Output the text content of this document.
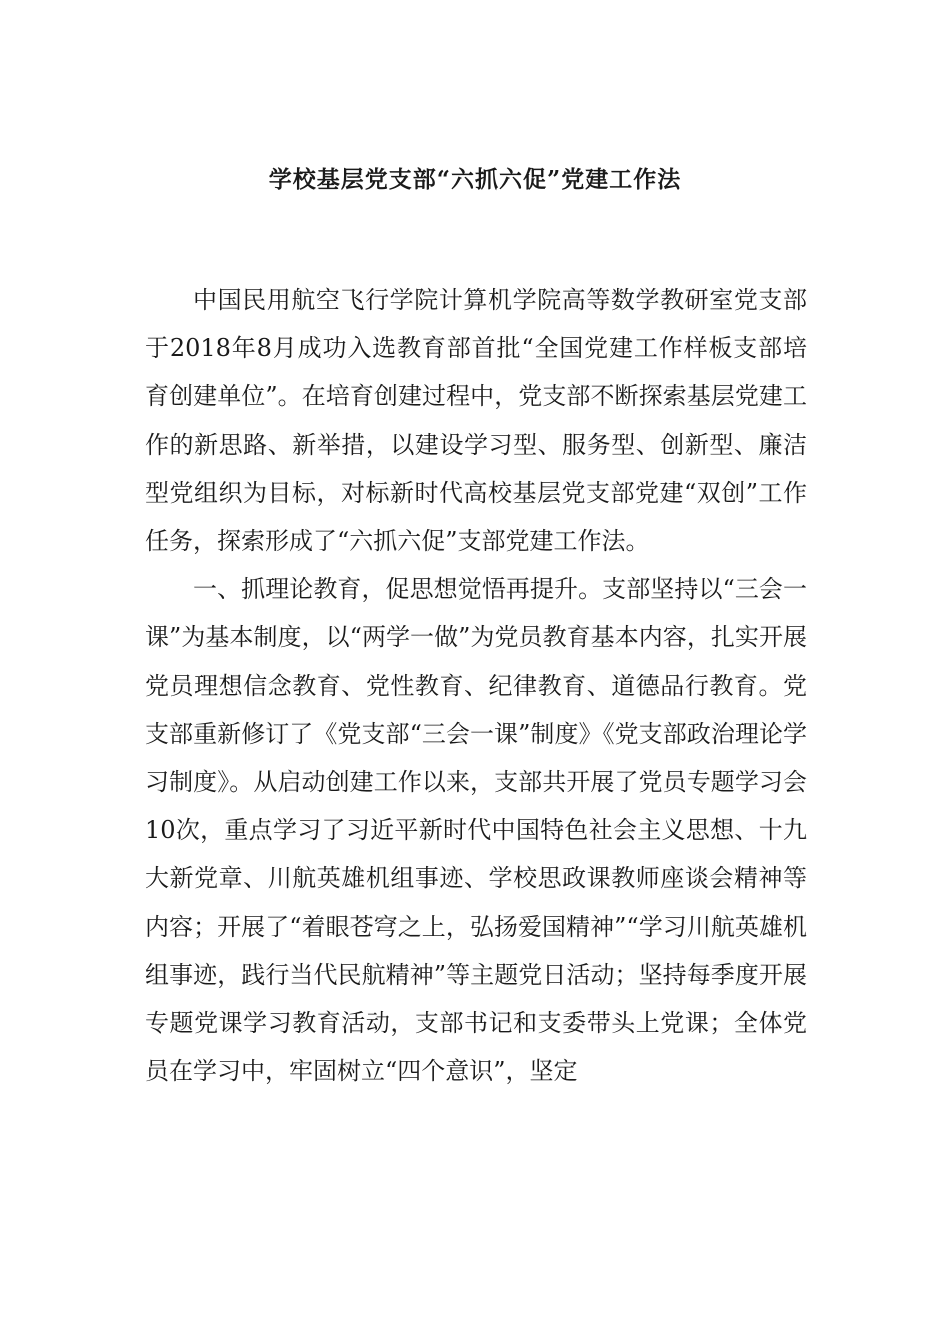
学校基层党支部“六抓六促”党建工作法

中国民用航空飞行学院计算机学院高等数学教研室党支部于2018年8月成功入选教育部首批“全国党建工作样板支部培育创建单位”。在培育创建过程中，党支部不断探索基层党建工作的新思路、新举措，以建设学习型、服务型、创新型、廉洁型党组织为目标，对标新时代高校基层党支部党建“双创”工作任务，探索形成了“六抓六促”支部党建工作法。

一、抓理论教育，促思想觉悟再提升。支部坚持以“三会一课”为基本制度，以“两学一做”为党员教育基本内容，扎实开展党员理想信念教育、党性教育、纪律教育、道德品行教育。党支部重新修订了《党支部“三会一课”制度》《党支部政治理论学习制度》。从启动创建工作以来，支部共开展了党员专题学习会10次，重点学习了习近平新时代中国特色社会主义思想、十九大新党章、川航英雄机组事迹、学校思政课教师座谈会精神等内容；开展了“着眼苍穹之上，弘扬爱国精神”“学习川航英雄机组事迹，践行当代民航精神”等主题党日活动；坚持每季度开展专题党课学习教育活动，支部书记和支委带头上党课；全体党员在学习中，牢固树立“四个意识”，坚定
